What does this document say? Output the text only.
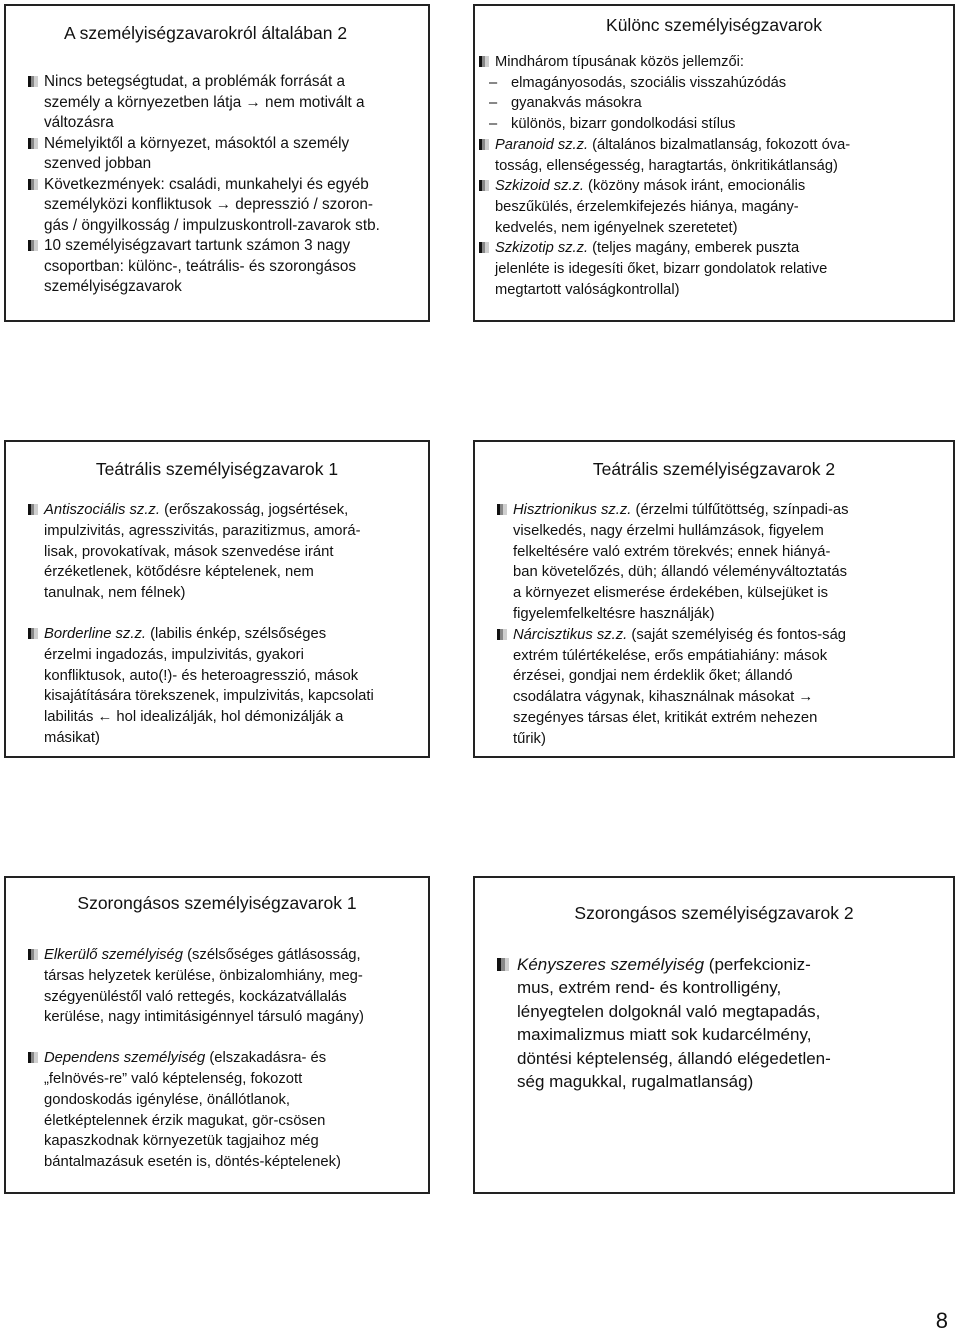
A személyiségzavarokról általában 2
Nincs betegségtudat, a problémák forrását a
személy a környezetben látja → nem motivált a
változásra
Némelyiktől a környezet, másoktól a személy
szenved jobban
Következmények: családi, munkahelyi és egyéb
személyközi konfliktusok → depresszió / szoron-
gás / öngyilkosság / impulzuskontroll-zavarok stb.
10 személyiségzavart tartunk számon 3 nagy
csoportban: különc-, teátrális- és szorongásos
személyiségzavarok
Különc személyiségzavarok
Mindhárom típusának közös jellemzői:
– elmagányosodás, szociális visszahúzódás
– gyanakvás másokra
– különös, bizarr gondolkodási stílus
Paranoid sz.z. (általános bizalmatlanság, fokozott óva-
tosság, ellenségesség, haragtartás, önkritikátlanság)
Szkizoid sz.z. (közöny mások iránt, emocionális
beszűkülés, érzelemkifejezés hiánya, magány-
kedvelés, nem igényelnek szeretetet)
Szkizotip sz.z. (teljes magány, emberek puszta
jelenléte is idegesíti őket, bizarr gondolatok relative
megtartott valóságkontrollal)
Teátrális személyiségzavarok 1
Antiszociális sz.z. (erőszakosság, jogsértések,
impulzivitás, agresszivitás, parazitizmus, amorá-
lisak, provokatívak, mások szenvedése iránt
érzéketlenek, kötődésre képtelenek, nem
tanulnak, nem félnek)
Borderline sz.z. (labilis énkép, szélsőséges
érzelmi ingadozás, impulzivitás, gyakori
konfliktusok, auto(!)- és heteroagresszió, mások
kisajátítására törekszenek, impulzivitás, kapcsolati
labilitás ← hol idealizálják, hol démonizálják a
másikat)
Teátrális személyiségzavarok 2
Hisztrionikus sz.z. (érzelmi túlfűtöttség, színpadi-as
viselkedés, nagy érzelmi hullámzások, figyelem
felkeltésére való extrém törekvés; ennek hiányá-
ban követelőzés, düh; állandó véleményváltoztatás
a környezet elismerése érdekében, külsejüket is
figyelemfelkeltésre használják)
Nárcisztikus sz.z. (saját személyiség és fontos-ság
extrém túlértékelése, erős empátiahiány: mások
érzései, gondjai nem érdeklik őket; állandó
csodálatra vágynak, kihasználnak másokat →
szegényes társas élet, kritikát extrém nehezen
tűrik)
Szorongásos személyiségzavarok 1
Elkerülő személyiség (szélsőséges gátlásosság,
társas helyzetek kerülése, önbizalomhiány, meg-
szégyenüléstől való rettegés, kockázatvállalás
kerülése, nagy intimitásigénnyel társuló magány)
Dependens személyiség (elszakadásra- és
„felnövés-re” való képtelenség, fokozott
gondoskodás igénylése, önállótlanok,
életképtelennek érzik magukat, gör-csösen
kapaszkodnak környezetük tagjaihoz még
bántalmazásuk esetén is, döntés-képtelenek)
Szorongásos személyiségzavarok 2
Kényszeres személyiség (perfekcioniz-
mus, extrém rend- és kontrolligény,
lényegtelen dolgoknál való megtapadás,
maximalizmus miatt sok kudarcélmény,
döntési képtelenség, állandó elégedetlen-
ség magukkal, rugalmatlanság)
8
